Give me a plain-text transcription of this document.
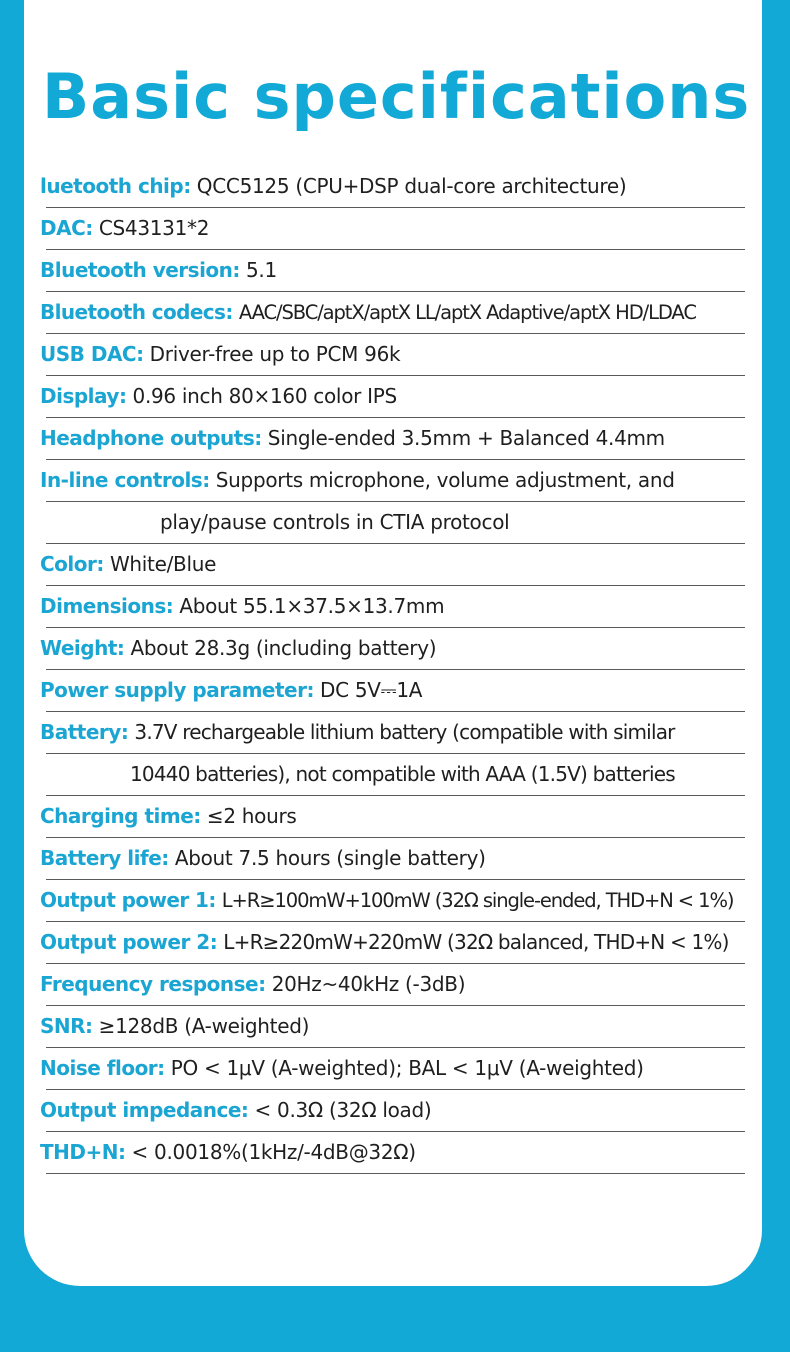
Basic specifications
luetooth chip: QCC5125 (CPU+DSP dual-core architecture)
DAC: CS43131*2
Bluetooth version: 5.1
Bluetooth codecs: AAC/SBC/aptX/aptX LL/aptX Adaptive/aptX HD/LDAC
USB DAC: Driver-free up to PCM 96k
Display: 0.96 inch 80×160 color IPS
Headphone outputs: Single-ended 3.5mm + Balanced 4.4mm
In-line controls: Supports microphone, volume adjustment, and
play/pause controls in CTIA protocol
Color: White/Blue
Dimensions: About 55.1×37.5×13.7mm
Weight: About 28.3g (including battery)
Power supply parameter: DC 5V⎓1A
Battery: 3.7V rechargeable lithium battery (compatible with similar
10440 batteries), not compatible with AAA (1.5V) batteries
Charging time: ≤2 hours
Battery life: About 7.5 hours (single battery)
Output power 1: L+R≥100mW+100mW (32Ω single-ended, THD+N < 1%)
Output power 2: L+R≥220mW+220mW (32Ω balanced, THD+N < 1%)
Frequency response: 20Hz~40kHz (-3dB)
SNR: ≥128dB (A-weighted)
Noise floor: PO < 1μV (A-weighted); BAL < 1μV (A-weighted)
Output impedance: < 0.3Ω (32Ω load)
THD+N: < 0.0018%(1kHz/-4dB@32Ω)
